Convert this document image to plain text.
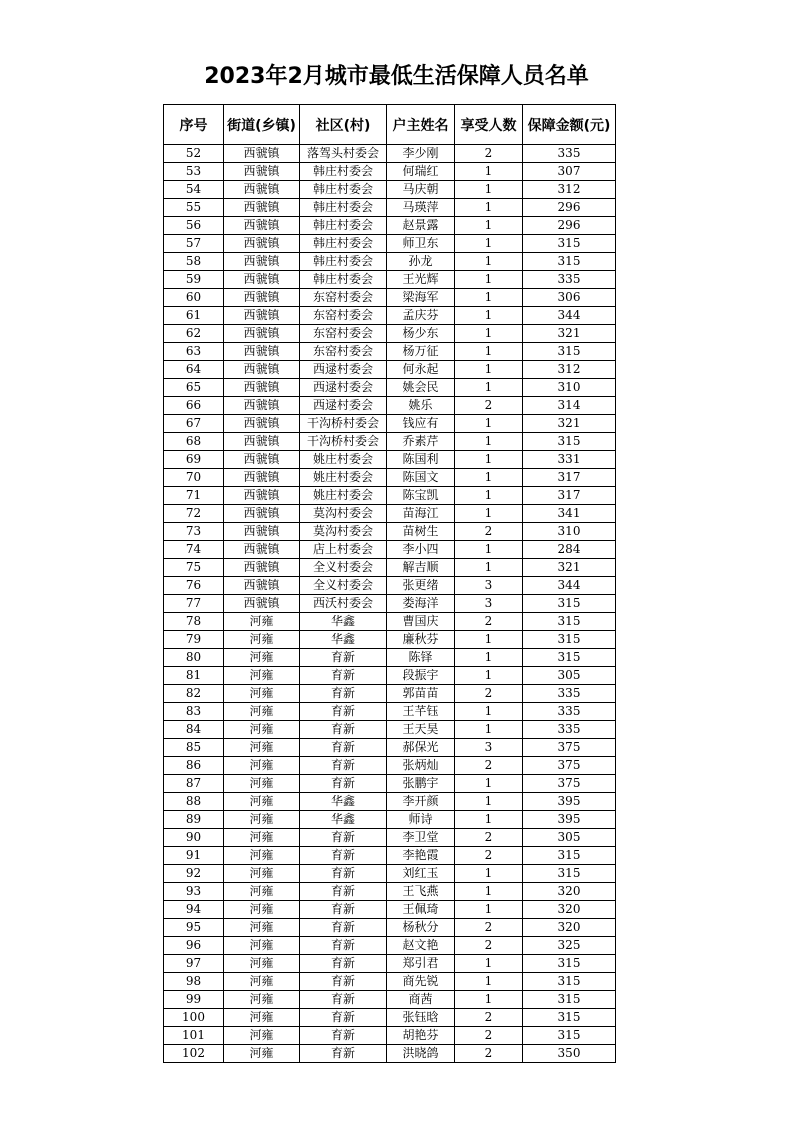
2023年2月城市最低生活保障人员名单
序号	街道(乡镇)	社区(村)	户主姓名	享受人数	保障金额(元)
52	西虢镇	落驾头村委会	李少刚	2	335
53	西虢镇	韩庄村委会	何瑞红	1	307
54	西虢镇	韩庄村委会	马庆朝	1	312
55	西虢镇	韩庄村委会	马瑛萍	1	296
56	西虢镇	韩庄村委会	赵景露	1	296
57	西虢镇	韩庄村委会	师卫东	1	315
58	西虢镇	韩庄村委会	孙龙	1	315
59	西虢镇	韩庄村委会	王光辉	1	335
60	西虢镇	东窑村委会	梁海军	1	306
61	西虢镇	东窑村委会	孟庆芬	1	344
62	西虢镇	东窑村委会	杨少东	1	321
63	西虢镇	东窑村委会	杨万征	1	315
64	西虢镇	西逯村委会	何永起	1	312
65	西虢镇	西逯村委会	姚会民	1	310
66	西虢镇	西逯村委会	姚乐	2	314
67	西虢镇	干沟桥村委会	钱应有	1	321
68	西虢镇	干沟桥村委会	乔素芹	1	315
69	西虢镇	姚庄村委会	陈国利	1	331
70	西虢镇	姚庄村委会	陈国文	1	317
71	西虢镇	姚庄村委会	陈宝凯	1	317
72	西虢镇	莫沟村委会	苗海江	1	341
73	西虢镇	莫沟村委会	苗树生	2	310
74	西虢镇	店上村委会	李小四	1	284
75	西虢镇	全义村委会	解吉顺	1	321
76	西虢镇	全义村委会	张更绪	3	344
77	西虢镇	西沃村委会	娄海洋	3	315
78	河雍	华鑫	曹国庆	2	315
79	河雍	华鑫	廉秋芬	1	315
80	河雍	育新	陈铎	1	315
81	河雍	育新	段振宇	1	305
82	河雍	育新	郭苗苗	2	335
83	河雍	育新	王芊钰	1	335
84	河雍	育新	王天昊	1	335
85	河雍	育新	郝保光	3	375
86	河雍	育新	张炳灿	2	375
87	河雍	育新	张鹏宇	1	375
88	河雍	华鑫	李开颜	1	395
89	河雍	华鑫	师诗	1	395
90	河雍	育新	李卫堂	2	305
91	河雍	育新	李艳霞	2	315
92	河雍	育新	刘红玉	1	315
93	河雍	育新	王飞燕	1	320
94	河雍	育新	王佩琦	1	320
95	河雍	育新	杨秋分	2	320
96	河雍	育新	赵文艳	2	325
97	河雍	育新	郑引君	1	315
98	河雍	育新	商先锐	1	315
99	河雍	育新	商茜	1	315
100	河雍	育新	张钰晗	2	315
101	河雍	育新	胡艳芬	2	315
102	河雍	育新	洪晓鸽	2	350
